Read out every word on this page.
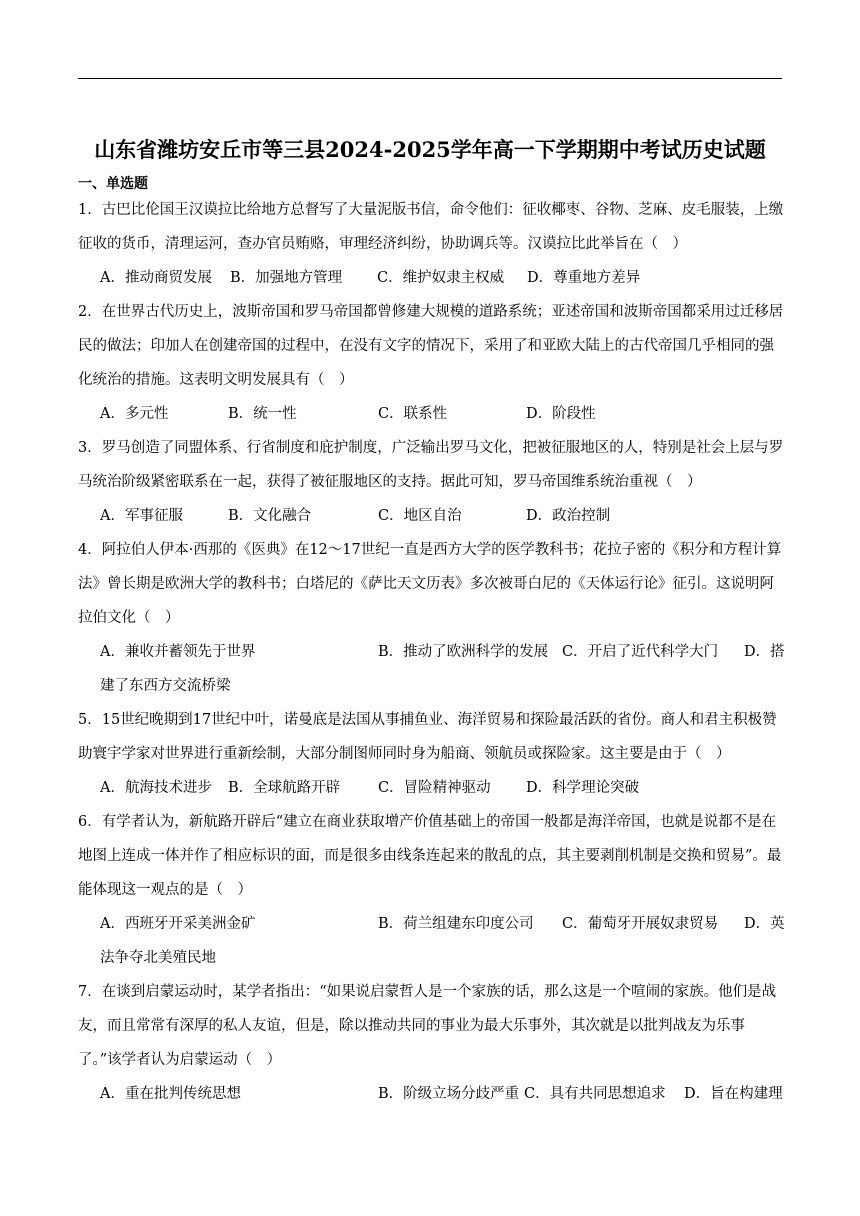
山东省潍坊安丘市等三县2024-2025学年高一下学期期中考试历史试题
一、单选题

1．古巴比伦国王汉谟拉比给地方总督写了大量泥版书信，命令他们：征收椰枣、谷物、芝麻、皮毛服装，上缴征收的货币，清理运河，查办官员贿赂，审理经济纠纷，协助调兵等。汉谟拉比此举旨在（　）

A．推动商贸发展 B．加强地方管理 C．维护奴隶主权威 D．尊重地方差异

2．在世界古代历史上，波斯帝国和罗马帝国都曾修建大规模的道路系统；亚述帝国和波斯帝国都采用过迁移居民的做法；印加人在创建帝国的过程中，在没有文字的情况下，采用了和亚欧大陆上的古代帝国几乎相同的强化统治的措施。这表明文明发展具有（　）

A．多元性	B．统一性	C．联系性	D．阶段性

3．罗马创造了同盟体系、行省制度和庇护制度，广泛输出罗马文化，把被征服地区的人，特别是社会上层与罗马统治阶级紧密联系在一起，获得了被征服地区的支持。据此可知，罗马帝国维系统治重视（　）

A．军事征服	B．文化融合	C．地区自治	D．政治控制

4．阿拉伯人伊本·西那的《医典》在12～17世纪一直是西方大学的医学教科书；花拉子密的《积分和方程计算法》曾长期是欧洲大学的教科书；白塔尼的《萨比天文历表》多次被哥白尼的《天体运行论》征引。这说明阿拉伯文化（　）

A．兼收并蓄领先于世界	B．推动了欧洲科学的发展 C．开启了近代科学大门 D．搭
建了东西方交流桥梁

5．15世纪晚期到17世纪中叶，诺曼底是法国从事捕鱼业、海洋贸易和探险最活跃的省份。商人和君主积极赞助寰宇学家对世界进行重新绘制，大部分制图师同时身为船商、领航员或探险家。这主要是由于（　）

A．航海技术进步 B．全球航路开辟	C．冒险精神驱动 D．科学理论突破

6．有学者认为，新航路开辟后“建立在商业获取增产价值基础上的帝国一般都是海洋帝国，也就是说都不是在地图上连成一体并作了相应标识的面，而是很多由线条连起来的散乱的点，其主要剥削机制是交换和贸易”。最能体现这一观点的是（　）

A．西班牙开采美洲金矿	B．荷兰组建东印度公司 C．葡萄牙开展奴隶贸易 D．英
法争夺北美殖民地

7．在谈到启蒙运动时，某学者指出：“如果说启蒙哲人是一个家族的话，那么这是一个喧闹的家族。他们是战友，而且常常有深厚的私人友谊，但是，除以推动共同的事业为最大乐事外，其次就是以批判战友为乐事了。”该学者认为启蒙运动（　）

A．重在批判传统思想	B．阶级立场分歧严重 C．具有共同思想追求 D．旨在构建理
